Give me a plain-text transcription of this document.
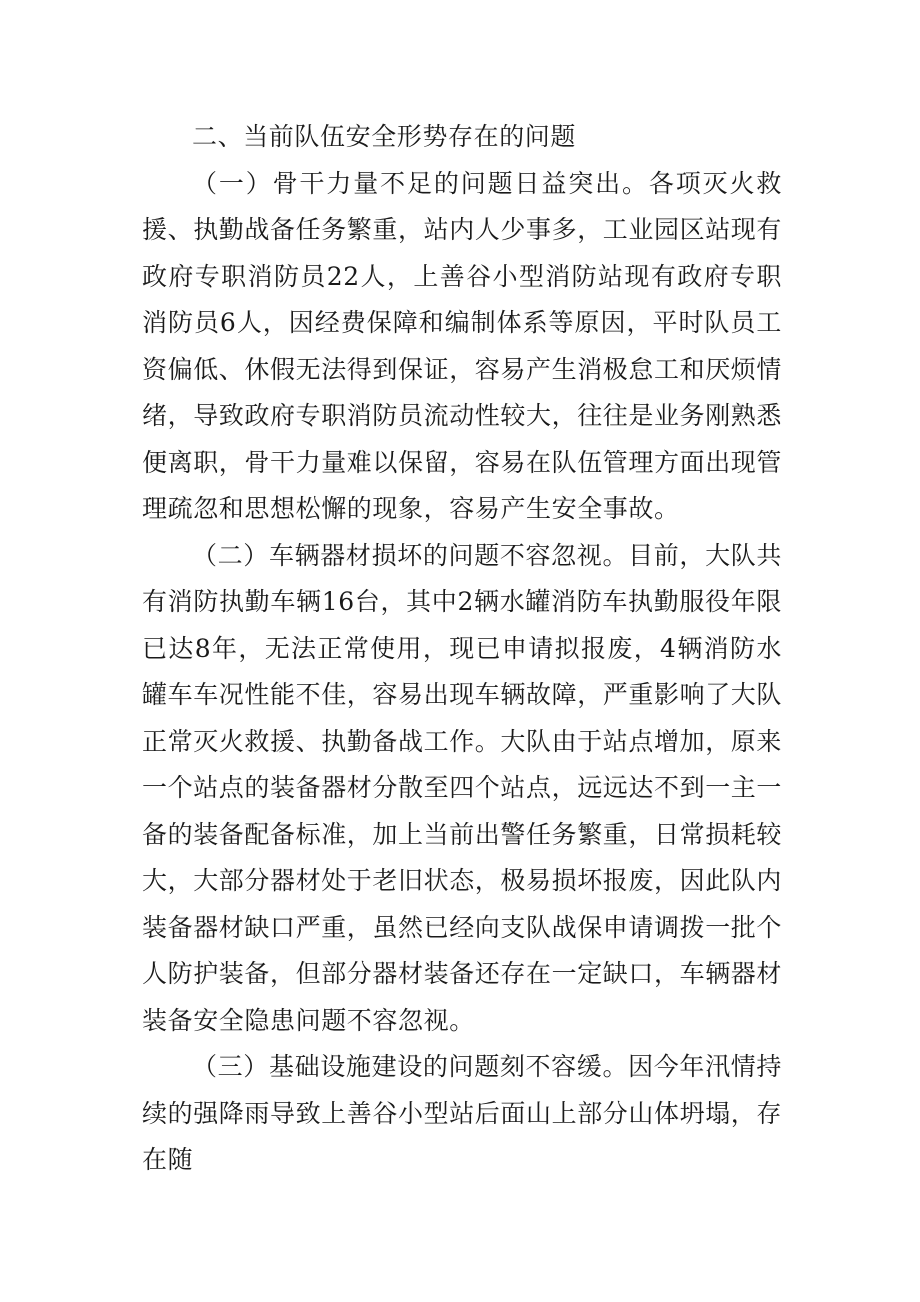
二、当前队伍安全形势存在的问题

（一）骨干力量不足的问题日益突出。各项灭火救援、执勤战备任务繁重，站内人少事多，工业园区站现有政府专职消防员22人，上善谷小型消防站现有政府专职消防员6人，因经费保障和编制体系等原因，平时队员工资偏低、休假无法得到保证，容易产生消极怠工和厌烦情绪，导致政府专职消防员流动性较大，往往是业务刚熟悉便离职，骨干力量难以保留，容易在队伍管理方面出现管理疏忽和思想松懈的现象，容易产生安全事故。

（二）车辆器材损坏的问题不容忽视。目前，大队共有消防执勤车辆16台，其中2辆水罐消防车执勤服役年限已达8年，无法正常使用，现已申请拟报废，4辆消防水罐车车况性能不佳，容易出现车辆故障，严重影响了大队正常灭火救援、执勤备战工作。大队由于站点增加，原来一个站点的装备器材分散至四个站点，远远达不到一主一备的装备配备标准，加上当前出警任务繁重，日常损耗较大，大部分器材处于老旧状态，极易损坏报废，因此队内装备器材缺口严重，虽然已经向支队战保申请调拨一批个人防护装备，但部分器材装备还存在一定缺口，车辆器材装备安全隐患问题不容忽视。

（三）基础设施建设的问题刻不容缓。因今年汛情持续的强降雨导致上善谷小型站后面山上部分山体坍塌，存在随
